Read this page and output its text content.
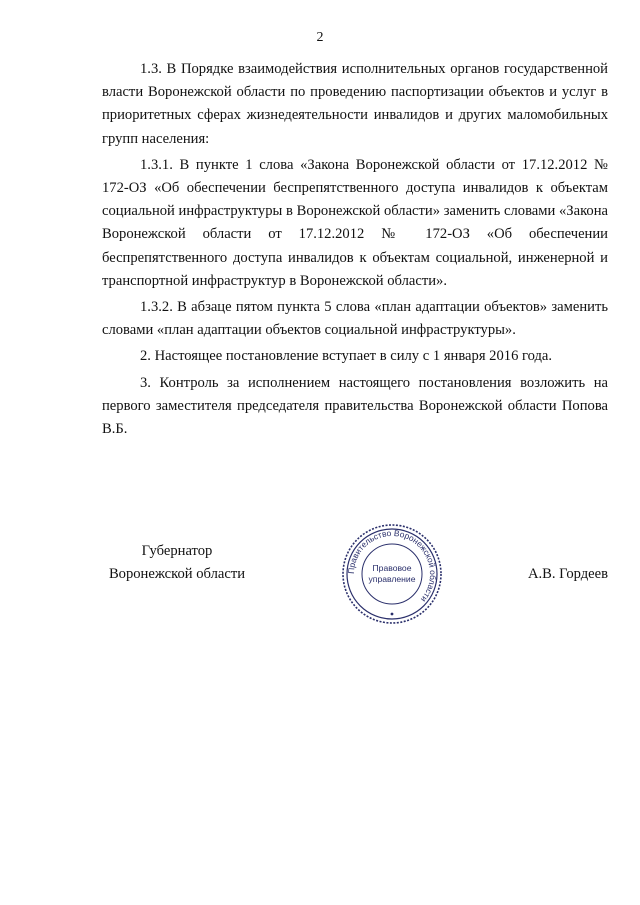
2

1.3. В Порядке взаимодействия исполнительных органов государственной власти Воронежской области по проведению паспортизации объектов и услуг в приоритетных сферах жизнедеятельности инвалидов и других маломобильных групп населения:

1.3.1. В пункте 1 слова «Закона Воронежской области от 17.12.2012 № 172-ОЗ «Об обеспечении беспрепятственного доступа инвалидов к объектам социальной инфраструктуры в Воронежской области» заменить словами «Закона Воронежской области от 17.12.2012 № 172-ОЗ «Об обеспечении беспрепятственного доступа инвалидов к объектам социальной, инженерной и транспортной инфраструктур в Воронежской области».

1.3.2. В абзаце пятом пункта 5 слова «план адаптации объектов» заменить словами «план адаптации объектов социальной инфраструктуры».

2. Настоящее постановление вступает в силу с 1 января 2016 года.

3. Контроль за исполнением настоящего постановления возложить на первого заместителя председателя правительства Воронежской области Попова В.Б.

Губернатор
Воронежской области	А.В. Гордеев
Правительство Воронежской области
Правовое
управление
